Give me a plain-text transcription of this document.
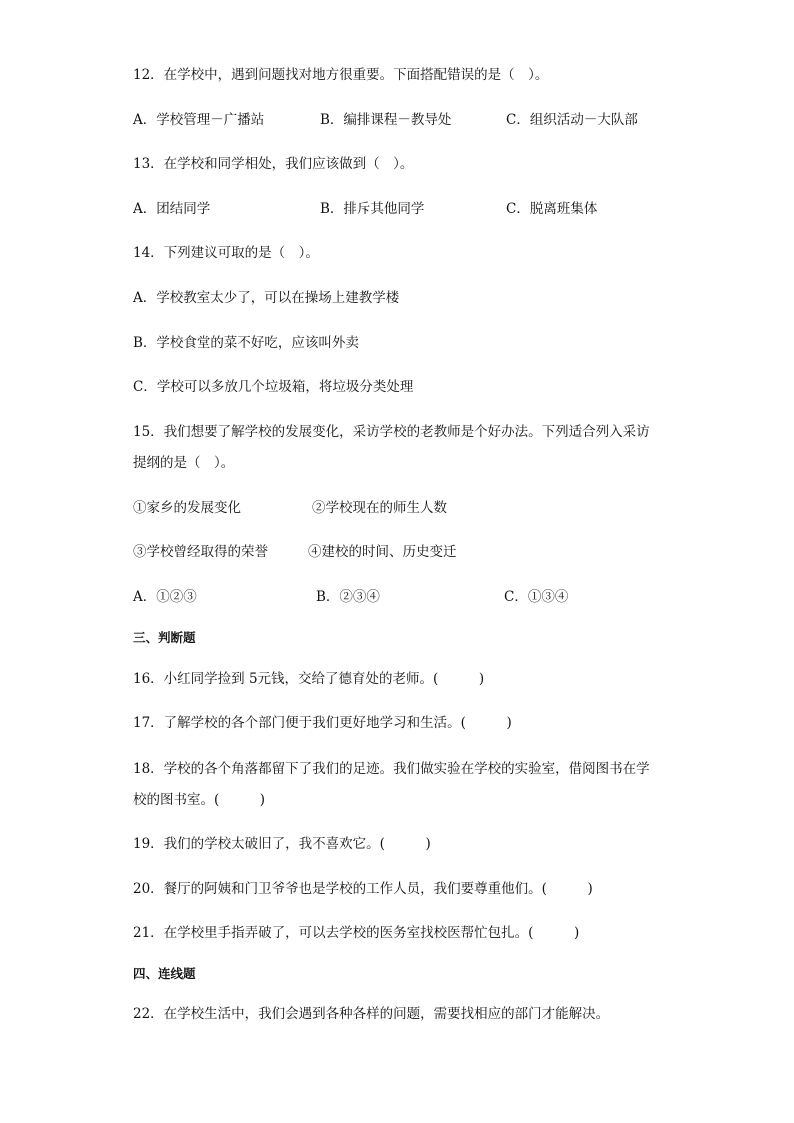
12．在学校中，遇到问题找对地方很重要。下面搭配错误的是（　）。
A．学校管理－广播站	B．编排课程－教导处	C．组织活动－大队部
13．在学校和同学相处，我们应该做到（　）。
A．团结同学	B．排斥其他同学	C．脱离班集体
14．下列建议可取的是（　）。
A．学校教室太少了，可以在操场上建教学楼
B．学校食堂的菜不好吃，应该叫外卖
C．学校可以多放几个垃圾箱，将垃圾分类处理
15．我们想要了解学校的发展变化，采访学校的老教师是个好办法。下列适合列入采访
提纲的是（　）。
①家乡的发展变化	②学校现在的师生人数
③学校曾经取得的荣誉	④建校的时间、历史变迁
A．①②③	B．②③④	C．①③④
三、判断题
16．小红同学捡到 5元钱，交给了德育处的老师。(　　　)
17．了解学校的各个部门便于我们更好地学习和生活。(　　　)
18．学校的各个角落都留下了我们的足迹。我们做实验在学校的实验室，借阅图书在学
校的图书室。(　　　)
19．我们的学校太破旧了，我不喜欢它。(　　　)
20．餐厅的阿姨和门卫爷爷也是学校的工作人员，我们要尊重他们。(　　　)
21．在学校里手指弄破了，可以去学校的医务室找校医帮忙包扎。(　　　)
四、连线题
22．在学校生活中，我们会遇到各种各样的问题，需要找相应的部门才能解决。
